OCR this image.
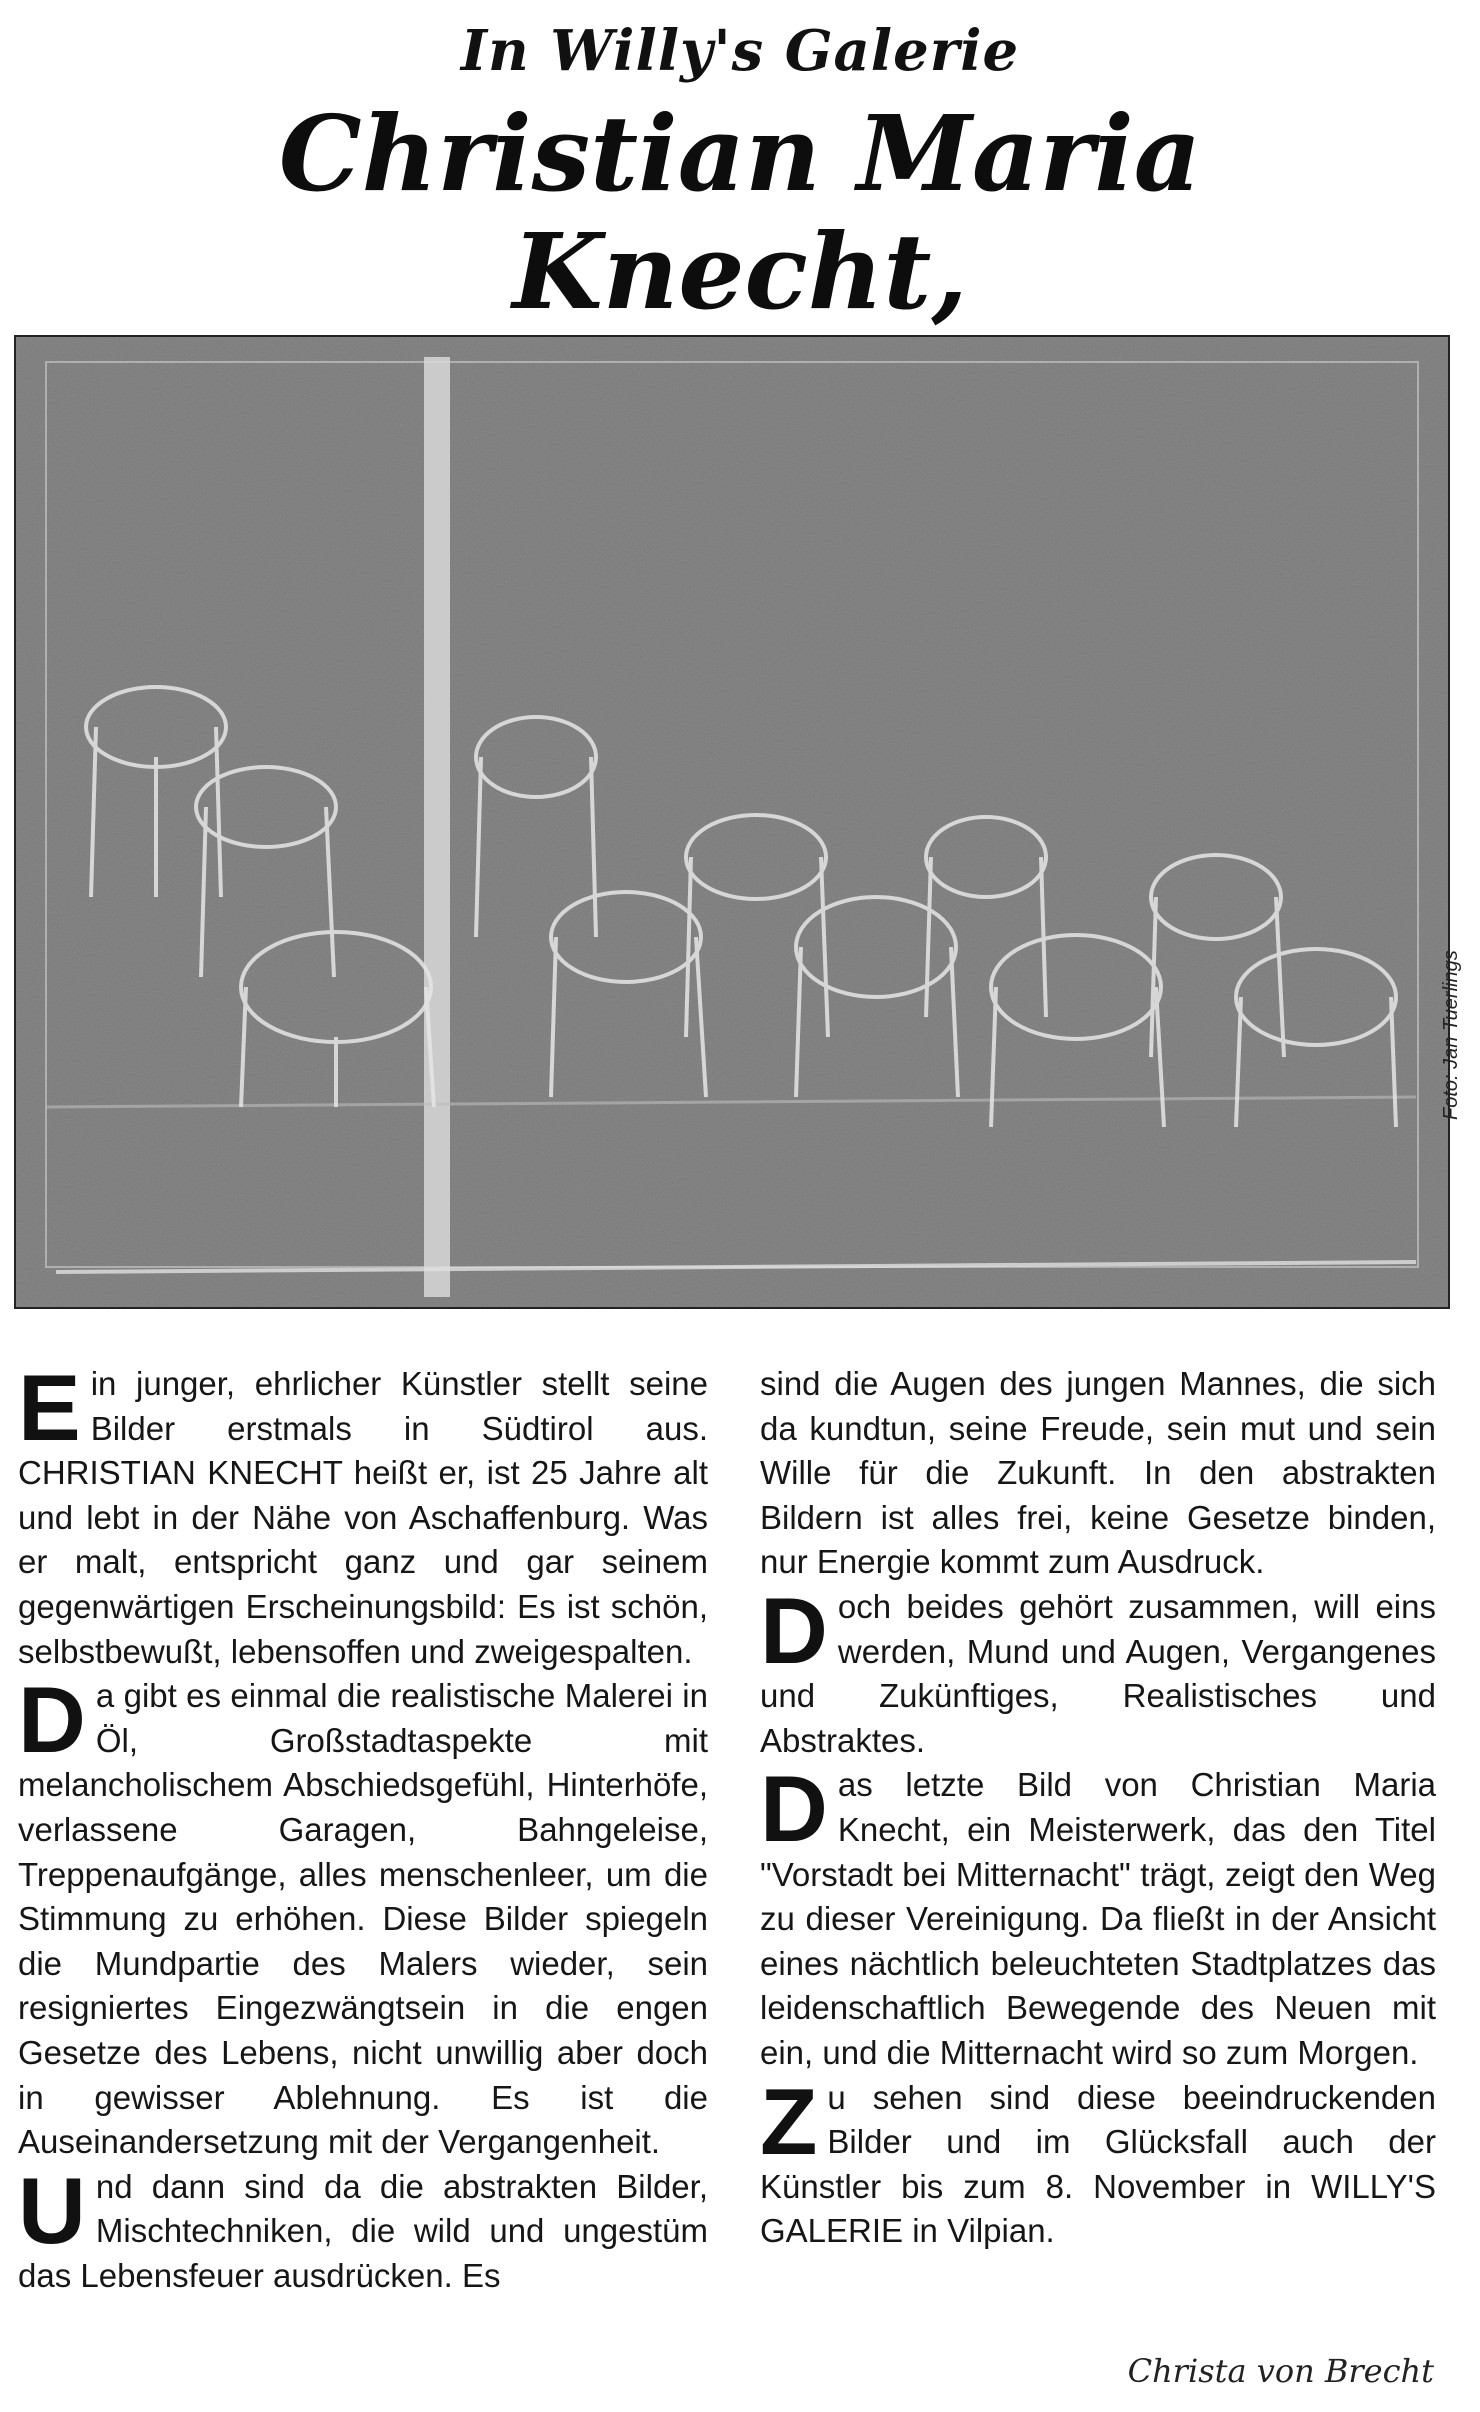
In Willy's Galerie
Christian Maria Knecht,
Foto: Jan Tuerlings

Ein junger, ehrlicher Künstler stellt seine Bilder erstmals in Südtirol aus. CHRISTIAN KNECHT heißt er, ist 25 Jahre alt und lebt in der Nähe von Aschaffenburg. Was er malt, entspricht ganz und gar seinem gegenwärtigen Erscheinungsbild: Es ist schön, selbstbewußt, lebensoffen und zweigespalten.

Da gibt es einmal die realistische Malerei in Öl, Großstadtaspekte mit melancholischem Abschiedsgefühl, Hinterhöfe, verlassene Garagen, Bahngeleise, Treppenaufgänge, alles menschenleer, um die Stimmung zu erhöhen. Diese Bilder spiegeln die Mundpartie des Malers wieder, sein resigniertes Eingezwängtsein in die engen Gesetze des Lebens, nicht unwillig aber doch in gewisser Ablehnung. Es ist die Auseinandersetzung mit der Vergangenheit.

Und dann sind da die abstrakten Bilder, Mischtechniken, die wild und ungestüm das Lebensfeuer ausdrücken. Es

sind die Augen des jungen Mannes, die sich da kundtun, seine Freude, sein mut und sein Wille für die Zukunft. In den abstrakten Bildern ist alles frei, keine Gesetze binden, nur Energie kommt zum Ausdruck.

Doch beides gehört zusammen, will eins werden, Mund und Augen, Vergangenes und Zukünftiges, Realistisches und Abstraktes.

Das letzte Bild von Christian Maria Knecht, ein Meisterwerk, das den Titel "Vorstadt bei Mitternacht" trägt, zeigt den Weg zu dieser Vereinigung. Da fließt in der Ansicht eines nächtlich beleuchteten Stadtplatzes das leidenschaftlich Bewegende des Neuen mit ein, und die Mitternacht wird so zum Morgen.

Zu sehen sind diese beeindruckenden Bilder und im Glücksfall auch der Künstler bis zum 8. November in WILLY'S GALERIE in Vilpian.

Christa von Brecht
